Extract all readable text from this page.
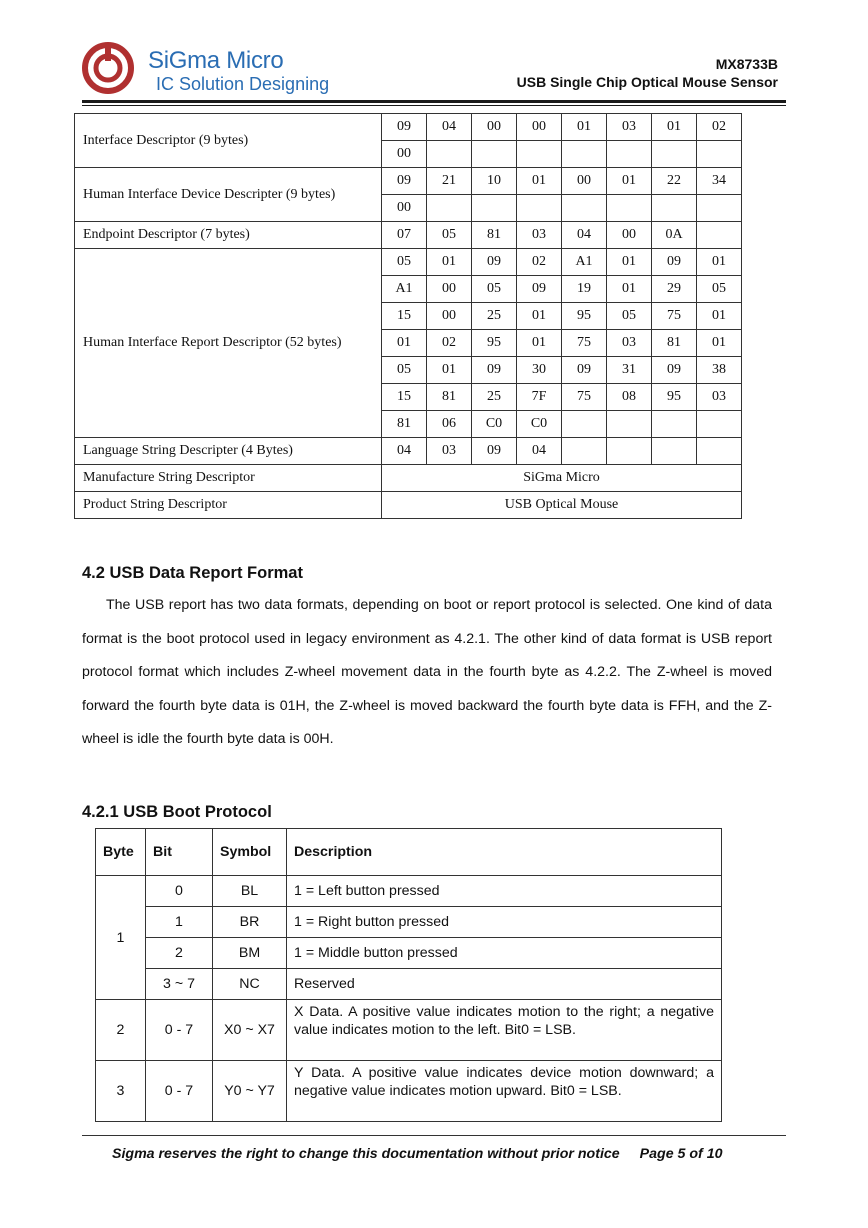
SiGma Micro
IC Solution Designing
MX8733B
USB Single Chip Optical Mouse Sensor
Interface Descriptor (9 bytes)	09	04	00	00	01	03	01	02
	00							
Human Interface Device Descripter (9 bytes)	09	21	10	01	00	01	22	34
	00							
Endpoint Descriptor (7 bytes)	07	05	81	03	04	00	0A	
Human Interface Report Descriptor (52 bytes)	05	01	09	02	A1	01	09	01
	A1	00	05	09	19	01	29	05
	15	00	25	01	95	05	75	01
	01	02	95	01	75	03	81	01
	05	01	09	30	09	31	09	38
	15	81	25	7F	75	08	95	03
	81	06	C0	C0				
Language String Descripter (4 Bytes)	04	03	09	04				
Manufacture String Descriptor	SiGma Micro							
Product String Descriptor	USB Optical Mouse							
4.2 USB Data Report Format
The USB report has two data formats, depending on boot or report protocol is selected. One kind of data format is the boot protocol used in legacy environment as 4.2.1. The other kind of data format is USB report protocol format which includes Z-wheel movement data in the fourth byte as 4.2.2. The Z-wheel is moved forward the fourth byte data is 01H, the Z-wheel is moved backward the fourth byte data is FFH, and the Z-wheel is idle the fourth byte data is 00H.
4.2.1 USB Boot Protocol
Byte	Bit	Symbol	Description
1	0	BL	1 = Left button pressed
	1	BR	1 = Right button pressed
	2	BM	1 = Middle button pressed
	3 ~ 7	NC	Reserved
2	0 - 7	X0 ~ X7	X Data. A positive value indicates motion to the right; a negative value indicates motion to the left. Bit0 = LSB.
3	0 - 7	Y0 ~ Y7	Y Data. A positive value indicates device motion downward; a negative value indicates motion upward. Bit0 = LSB.
Sigma reserves the right to change this documentation without prior notice Page 5 of 10
